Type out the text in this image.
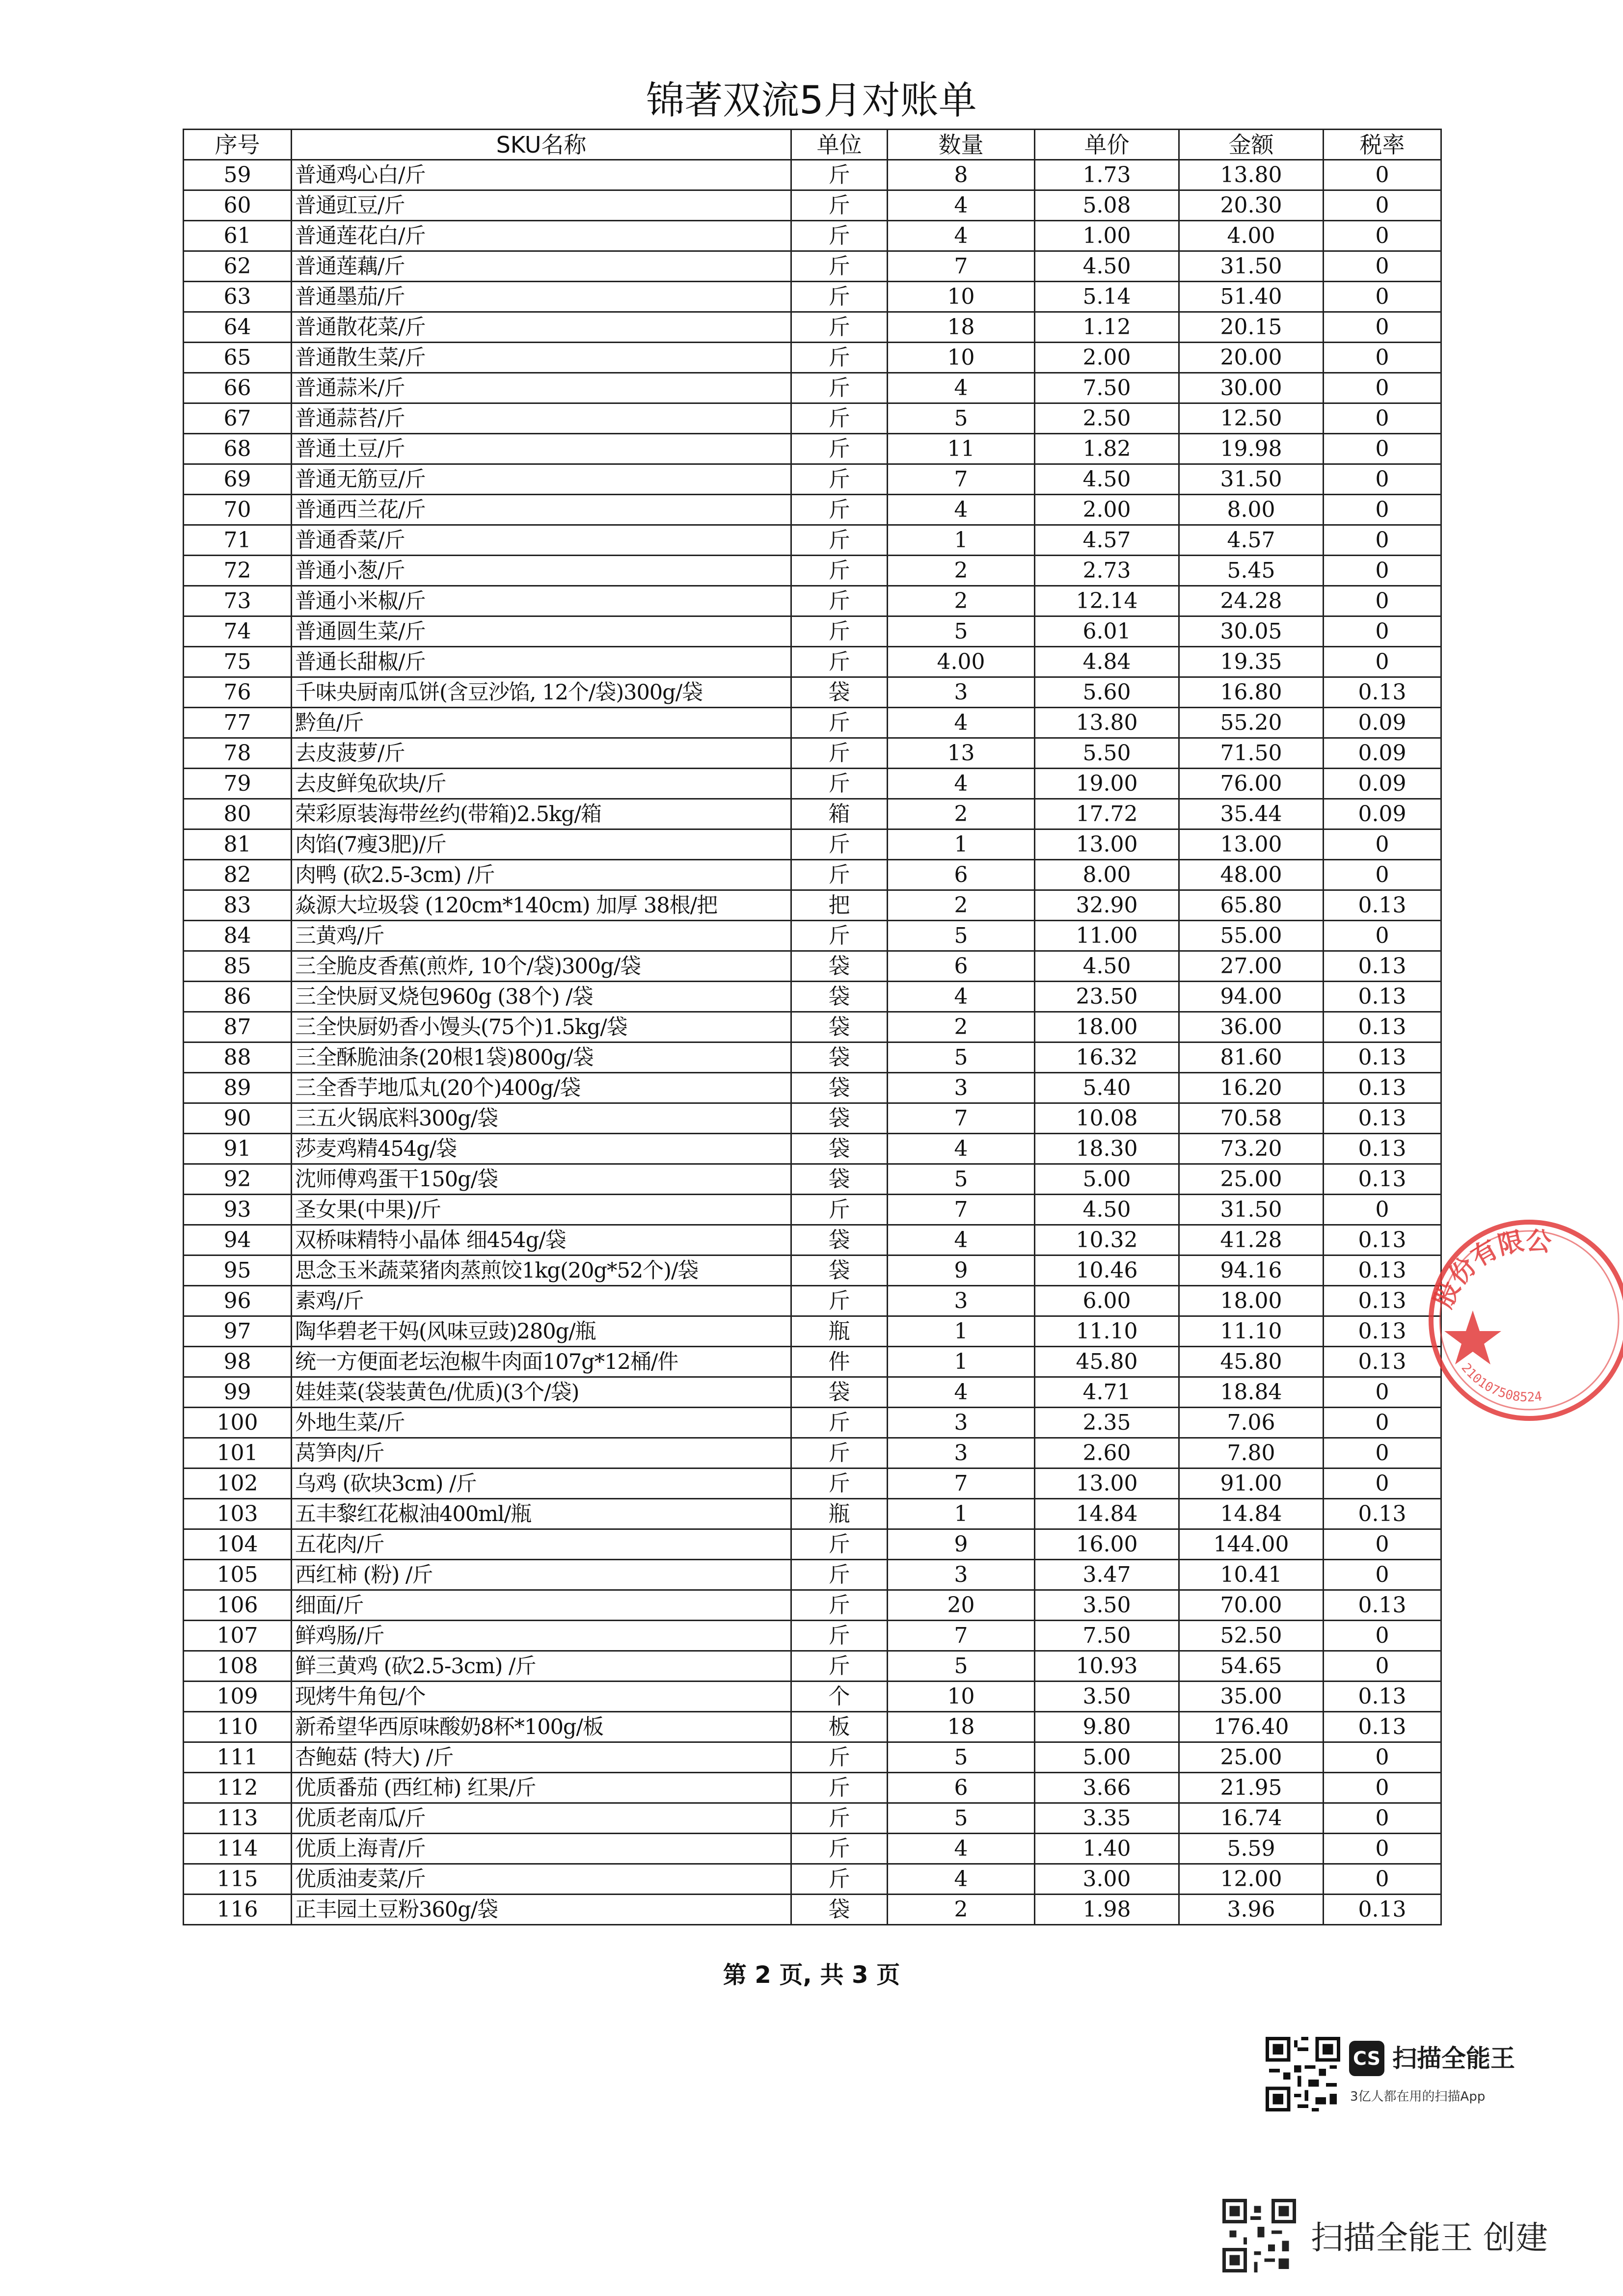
锦著双流5月对账单
序号	SKU名称	单位	数量	单价	金额	税率
59	普通鸡心白/斤	斤	8	1.73	13.80	0
60	普通豇豆/斤	斤	4	5.08	20.30	0
61	普通莲花白/斤	斤	4	1.00	4.00	0
62	普通莲藕/斤	斤	7	4.50	31.50	0
63	普通墨茄/斤	斤	10	5.14	51.40	0
64	普通散花菜/斤	斤	18	1.12	20.15	0
65	普通散生菜/斤	斤	10	2.00	20.00	0
66	普通蒜米/斤	斤	4	7.50	30.00	0
67	普通蒜苔/斤	斤	5	2.50	12.50	0
68	普通土豆/斤	斤	11	1.82	19.98	0
69	普通无筋豆/斤	斤	7	4.50	31.50	0
70	普通西兰花/斤	斤	4	2.00	8.00	0
71	普通香菜/斤	斤	1	4.57	4.57	0
72	普通小葱/斤	斤	2	2.73	5.45	0
73	普通小米椒/斤	斤	2	12.14	24.28	0
74	普通圆生菜/斤	斤	5	6.01	30.05	0
75	普通长甜椒/斤	斤	4.00	4.84	19.35	0
76	千味央厨南瓜饼(含豆沙馅, 12个/袋)300g/袋	袋	3	5.60	16.80	0.13
77	黔鱼/斤	斤	4	13.80	55.20	0.09
78	去皮菠萝/斤	斤	13	5.50	71.50	0.09
79	去皮鲜兔砍块/斤	斤	4	19.00	76.00	0.09
80	荣彩原装海带丝约(带箱)2.5kg/箱	箱	2	17.72	35.44	0.09
81	肉馅(7瘦3肥)/斤	斤	1	13.00	13.00	0
82	肉鸭 (砍2.5-3cm) /斤	斤	6	8.00	48.00	0
83	焱源大垃圾袋 (120cm*140cm) 加厚 38根/把	把	2	32.90	65.80	0.13
84	三黄鸡/斤	斤	5	11.00	55.00	0
85	三全脆皮香蕉(煎炸, 10个/袋)300g/袋	袋	6	4.50	27.00	0.13
86	三全快厨叉烧包960g (38个) /袋	袋	4	23.50	94.00	0.13
87	三全快厨奶香小馒头(75个)1.5kg/袋	袋	2	18.00	36.00	0.13
88	三全酥脆油条(20根1袋)800g/袋	袋	5	16.32	81.60	0.13
89	三全香芋地瓜丸(20个)400g/袋	袋	3	5.40	16.20	0.13
90	三五火锅底料300g/袋	袋	7	10.08	70.58	0.13
91	莎麦鸡精454g/袋	袋	4	18.30	73.20	0.13
92	沈师傅鸡蛋干150g/袋	袋	5	5.00	25.00	0.13
93	圣女果(中果)/斤	斤	7	4.50	31.50	0
94	双桥味精特小晶体 细454g/袋	袋	4	10.32	41.28	0.13
95	思念玉米蔬菜猪肉蒸煎饺1kg(20g*52个)/袋	袋	9	10.46	94.16	0.13
96	素鸡/斤	斤	3	6.00	18.00	0.13
97	陶华碧老干妈(风味豆豉)280g/瓶	瓶	1	11.10	11.10	0.13
98	统一方便面老坛泡椒牛肉面107g*12桶/件	件	1	45.80	45.80	0.13
99	娃娃菜(袋装黄色/优质)(3个/袋)	袋	4	4.71	18.84	0
100	外地生菜/斤	斤	3	2.35	7.06	0
101	莴笋肉/斤	斤	3	2.60	7.80	0
102	乌鸡 (砍块3cm) /斤	斤	7	13.00	91.00	0
103	五丰黎红花椒油400ml/瓶	瓶	1	14.84	14.84	0.13
104	五花肉/斤	斤	9	16.00	144.00	0
105	西红柿 (粉) /斤	斤	3	3.47	10.41	0
106	细面/斤	斤	20	3.50	70.00	0.13
107	鲜鸡肠/斤	斤	7	7.50	52.50	0
108	鲜三黄鸡 (砍2.5-3cm) /斤	斤	5	10.93	54.65	0
109	现烤牛角包/个	个	10	3.50	35.00	0.13
110	新希望华西原味酸奶8杯*100g/板	板	18	9.80	176.40	0.13
111	杏鲍菇 (特大) /斤	斤	5	5.00	25.00	0
112	优质番茄 (西红柿) 红果/斤	斤	6	3.66	21.95	0
113	优质老南瓜/斤	斤	5	3.35	16.74	0
114	优质上海青/斤	斤	4	1.40	5.59	0
115	优质油麦菜/斤	斤	4	3.00	12.00	0
116	正丰园土豆粉360g/袋	袋	2	1.98	3.96	0.13
第 2 页, 共 3 页
股份有限公
210107508524
CS 扫描全能王
3亿人都在用的扫描App
扫描全能王 创建
